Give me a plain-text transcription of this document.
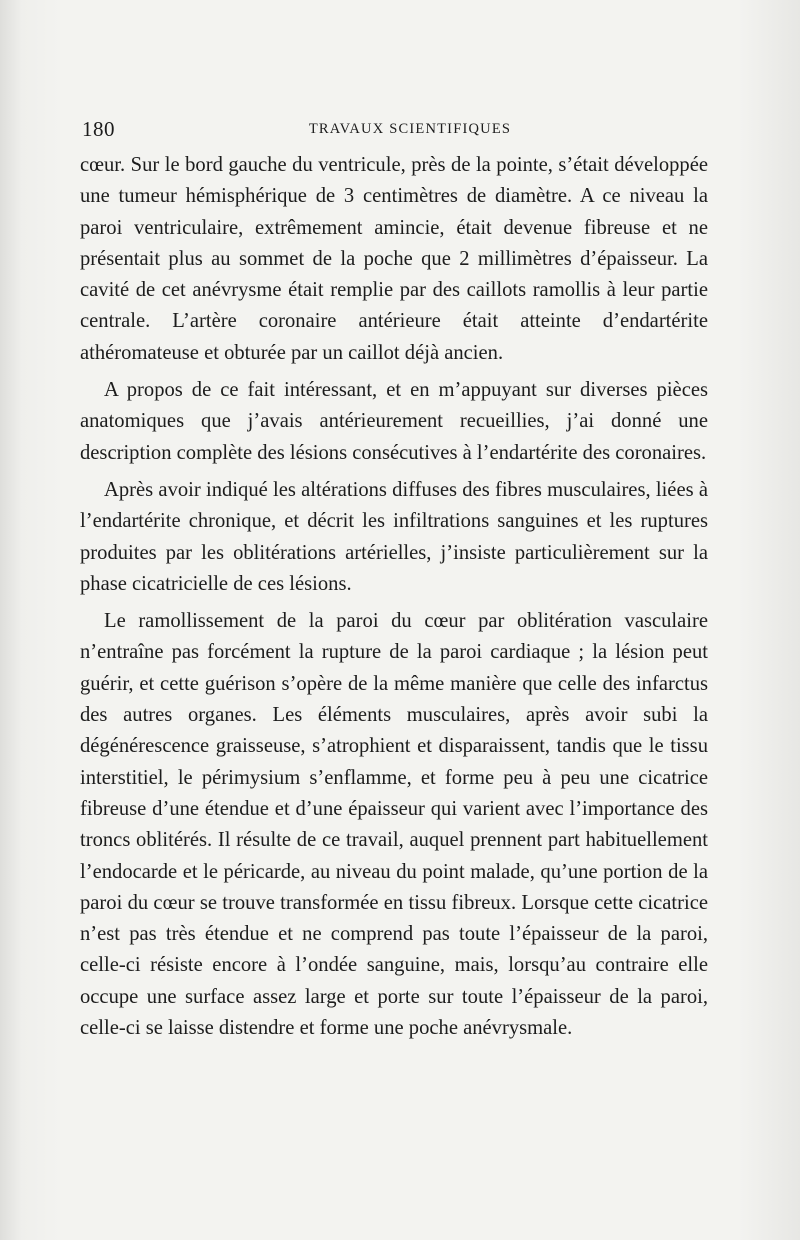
180	TRAVAUX SCIENTIFIQUES

cœur. Sur le bord gauche du ventricule, près de la pointe, s’était développée une tumeur hémisphérique de 3 centimètres de diamètre. A ce niveau la paroi ventriculaire, extrêmement amincie, était devenue fibreuse et ne présentait plus au sommet de la poche que 2 millimètres d’épaisseur. La cavité de cet anévrysme était remplie par des caillots ramollis à leur partie centrale. L’artère coronaire antérieure était atteinte d’endartérite athéromateuse et obturée par un caillot déjà ancien.

A propos de ce fait intéressant, et en m’appuyant sur diverses pièces anatomiques que j’avais antérieurement recueillies, j’ai donné une description complète des lésions consécutives à l’endartérite des coronaires.

Après avoir indiqué les altérations diffuses des fibres musculaires, liées à l’endartérite chronique, et décrit les infiltrations sanguines et les ruptures produites par les oblitérations artérielles, j’insiste particulièrement sur la phase cicatricielle de ces lésions.

Le ramollissement de la paroi du cœur par oblitération vasculaire n’entraîne pas forcément la rupture de la paroi cardiaque ; la lésion peut guérir, et cette guérison s’opère de la même manière que celle des infarctus des autres organes. Les éléments musculaires, après avoir subi la dégénérescence graisseuse, s’atrophient et disparaissent, tandis que le tissu interstitiel, le périmysium s’enflamme, et forme peu à peu une cicatrice fibreuse d’une étendue et d’une épaisseur qui varient avec l’importance des troncs oblitérés. Il résulte de ce travail, auquel prennent part habituellement l’endocarde et le péricarde, au niveau du point malade, qu’une portion de la paroi du cœur se trouve transformée en tissu fibreux. Lorsque cette cicatrice n’est pas très étendue et ne comprend pas toute l’épaisseur de la paroi, celle-ci résiste encore à l’ondée sanguine, mais, lorsqu’au contraire elle occupe une surface assez large et porte sur toute l’épaisseur de la paroi, celle-ci se laisse distendre et forme une poche anévrysmale.
